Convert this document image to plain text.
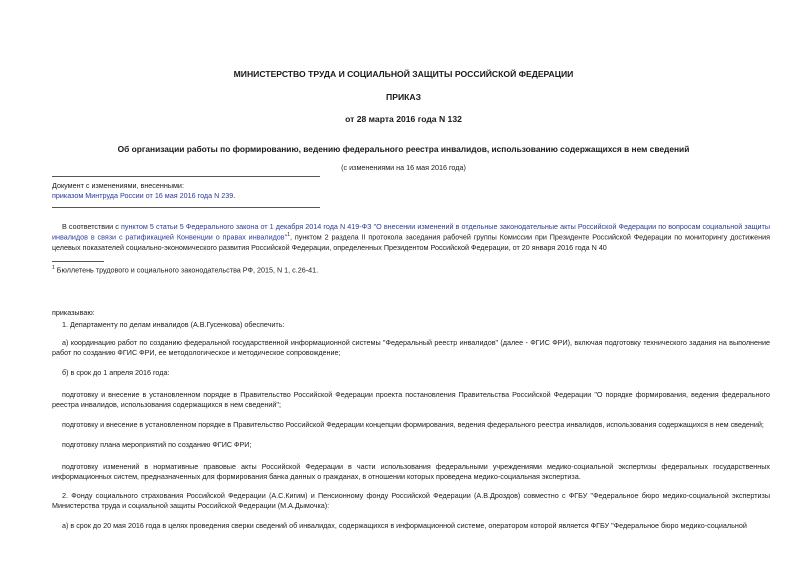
МИНИСТЕРСТВО ТРУДА И СОЦИАЛЬНОЙ ЗАЩИТЫ РОССИЙСКОЙ ФЕДЕРАЦИИ
ПРИКАЗ
от 28 марта 2016 года N 132
Об организации работы по формированию, ведению федерального реестра инвалидов, использованию содержащихся в нем сведений
(с изменениями на 16 мая 2016 года)
Документ с изменениями, внесенными:
приказом Минтруда России от 16 мая 2016 года N 239.
В соответствии с пунктом 5 статьи 5 Федерального закона от 1 декабря 2014 года N 419-ФЗ "О внесении изменений в отдельные законодательные акты Российской Федерации по вопросам социальной защиты инвалидов в связи с ратификацией Конвенции о правах инвалидов"$^1$, пунктом 2 раздела II протокола заседания рабочей группы Комиссии при Президенте Российской Федерации по мониторингу достижения целевых показателей социально-экономического развития Российской Федерации, определенных Президентом Российской Федерации, от 20 января 2016 года N 40
$^1$ Бюллетень трудового и социального законодательства РФ, 2015, N 1, с.26-41.
приказываю:
1. Департаменту по делам инвалидов (А.В.Гусенкова) обеспечить:
а) координацию работ по созданию федеральной государственной информационной системы "Федеральный реестр инвалидов" (далее - ФГИС ФРИ), включая подготовку технического задания на выполнение работ по созданию ФГИС ФРИ, ее методологическое и методическое сопровождение;
б) в срок до 1 апреля 2016 года:
подготовку и внесение в установленном порядке в Правительство Российской Федерации проекта постановления Правительства Российской Федерации "О порядке формирования, ведения федерального реестра инвалидов, использования содержащихся в нем сведений";
подготовку и внесение в установленном порядке в Правительство Российской Федерации концепции формирования, ведения федерального реестра инвалидов, использования содержащихся в нем сведений;
подготовку плана мероприятий по созданию ФГИС ФРИ;
подготовку изменений в нормативные правовые акты Российской Федерации в части использования федеральными учреждениями медико-социальной экспертизы федеральных государственных информационных систем, предназначенных для формирования банка данных о гражданах, в отношении которых проведена медико-социальная экспертиза.
2. Фонду социального страхования Российской Федерации (А.С.Кигим) и Пенсионному фонду Российской Федерации (А.В.Дроздов) совместно с ФГБУ "Федеральное бюро медико-социальной экспертизы Министерства труда и социальной защиты Российской Федерации (М.А.Дымочка):
а) в срок до 20 мая 2016 года в целях проведения сверки сведений об инвалидах, содержащихся в информационной системе, оператором которой является ФГБУ "Федеральное бюро медико-социальной
